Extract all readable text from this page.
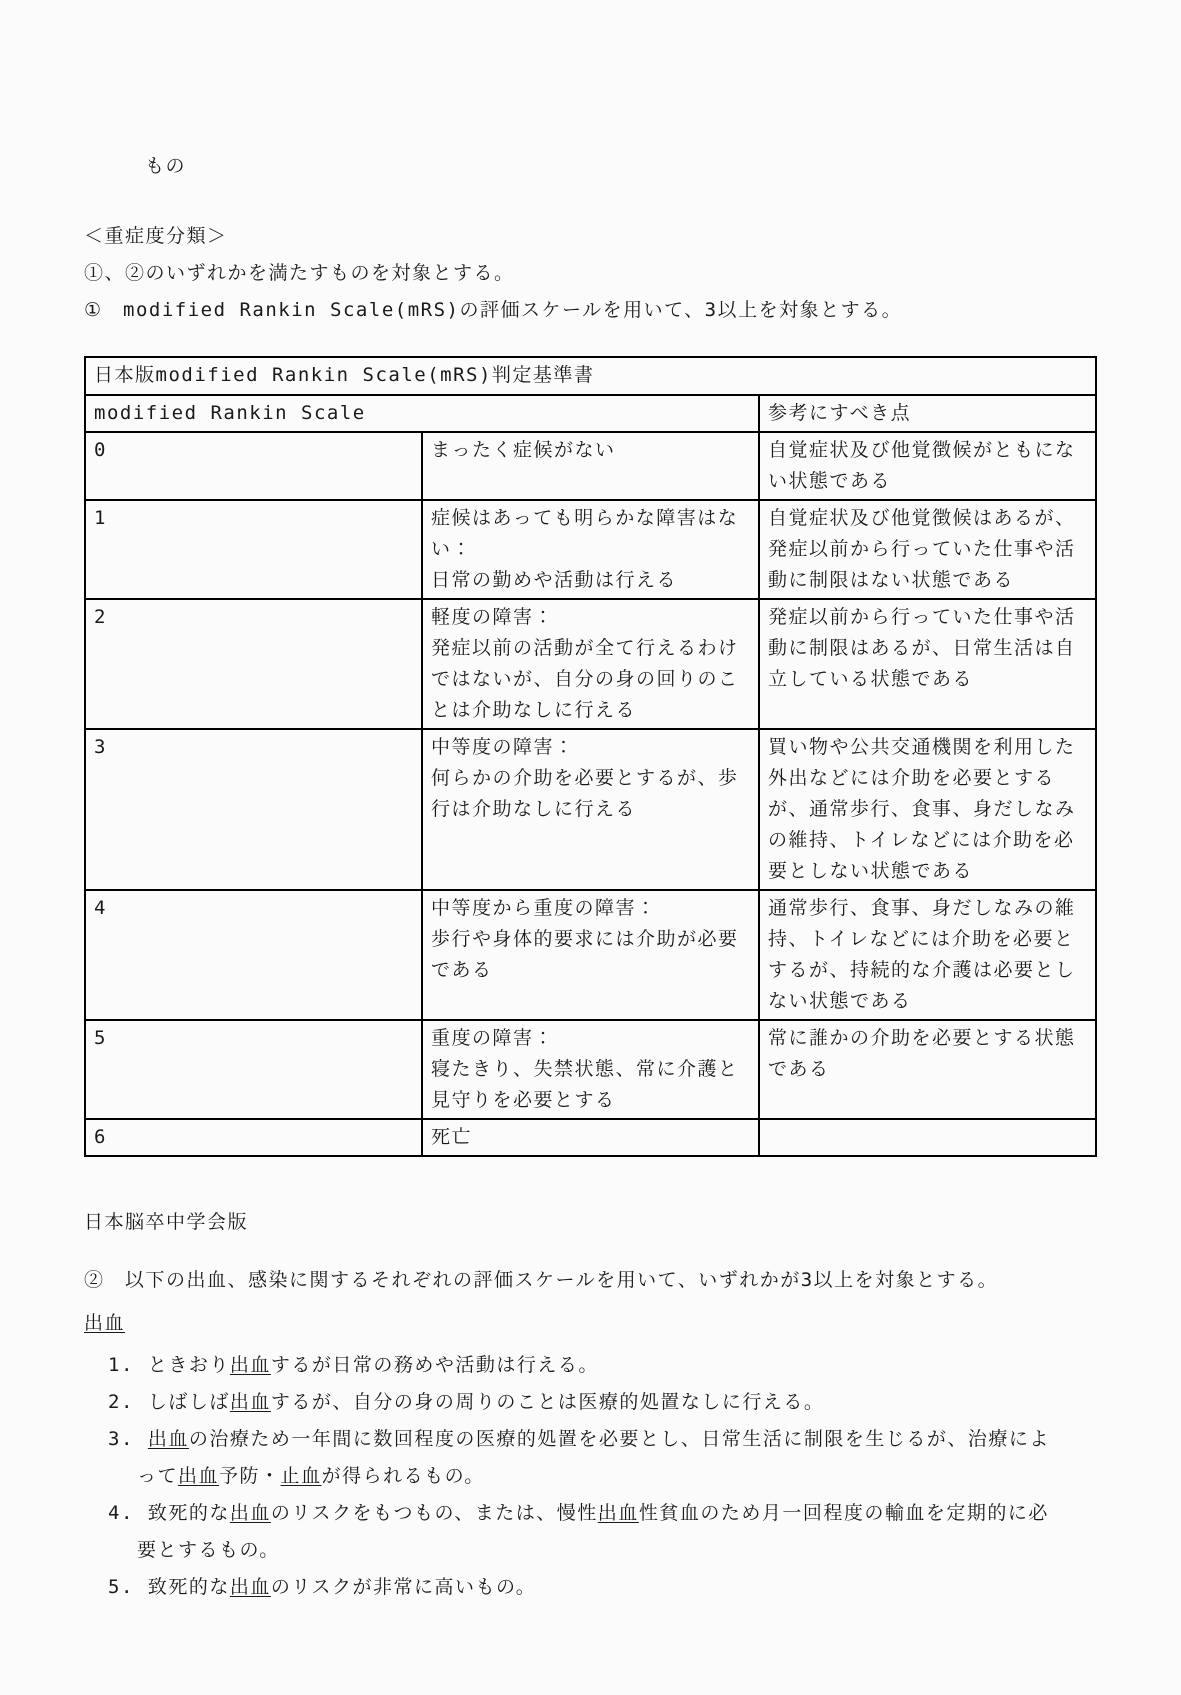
もの

＜重症度分類＞

①、②のいずれかを満たすものを対象とする。

①　modified Rankin Scale(mRS)の評価スケールを用いて、3以上を対象とする。

日本版modified Rankin Scale(mRS)判定基準書		
modified Rankin Scale		参考にすべき点
0	まったく症候がない	自覚症状及び他覚徴候がともにない状態である

1	症候はあっても明らかな障害はない：
日常の勤めや活動は行える	自覚症状及び他覚徴候はあるが、発症以前から行っていた仕事や活動に制限はない状態である

2	軽度の障害：
発症以前の活動が全て行えるわけではないが、自分の身の回りのことは介助なしに行える	発症以前から行っていた仕事や活動に制限はあるが、日常生活は自立している状態である

3	中等度の障害：
何らかの介助を必要とするが、歩行は介助なしに行える	買い物や公共交通機関を利用した外出などには介助を必要とするが、通常歩行、食事、身だしなみの維持、トイレなどには介助を必要としない状態である

4	中等度から重度の障害：
歩行や身体的要求には介助が必要である	通常歩行、食事、身だしなみの維持、トイレなどには介助を必要とするが、持続的な介護は必要としない状態である

5	重度の障害：
寝たきり、失禁状態、常に介護と見守りを必要とする	常に誰かの介助を必要とする状態である

6	死亡	

日本脳卒中学会版

②　以下の出血、感染に関するそれぞれの評価スケールを用いて、いずれかが3以上を対象とする。

出血
1. ときおり出血するが日常の務めや活動は行える。
2. しばしば出血するが、自分の身の周りのことは医療的処置なしに行える。
3. 出血の治療ため一年間に数回程度の医療的処置を必要とし、日常生活に制限を生じるが、治療によって出血予防・止血が得られるもの。
4. 致死的な出血のリスクをもつもの、または、慢性出血性貧血のため月一回程度の輸血を定期的に必要とするもの。
5. 致死的な出血のリスクが非常に高いもの。
